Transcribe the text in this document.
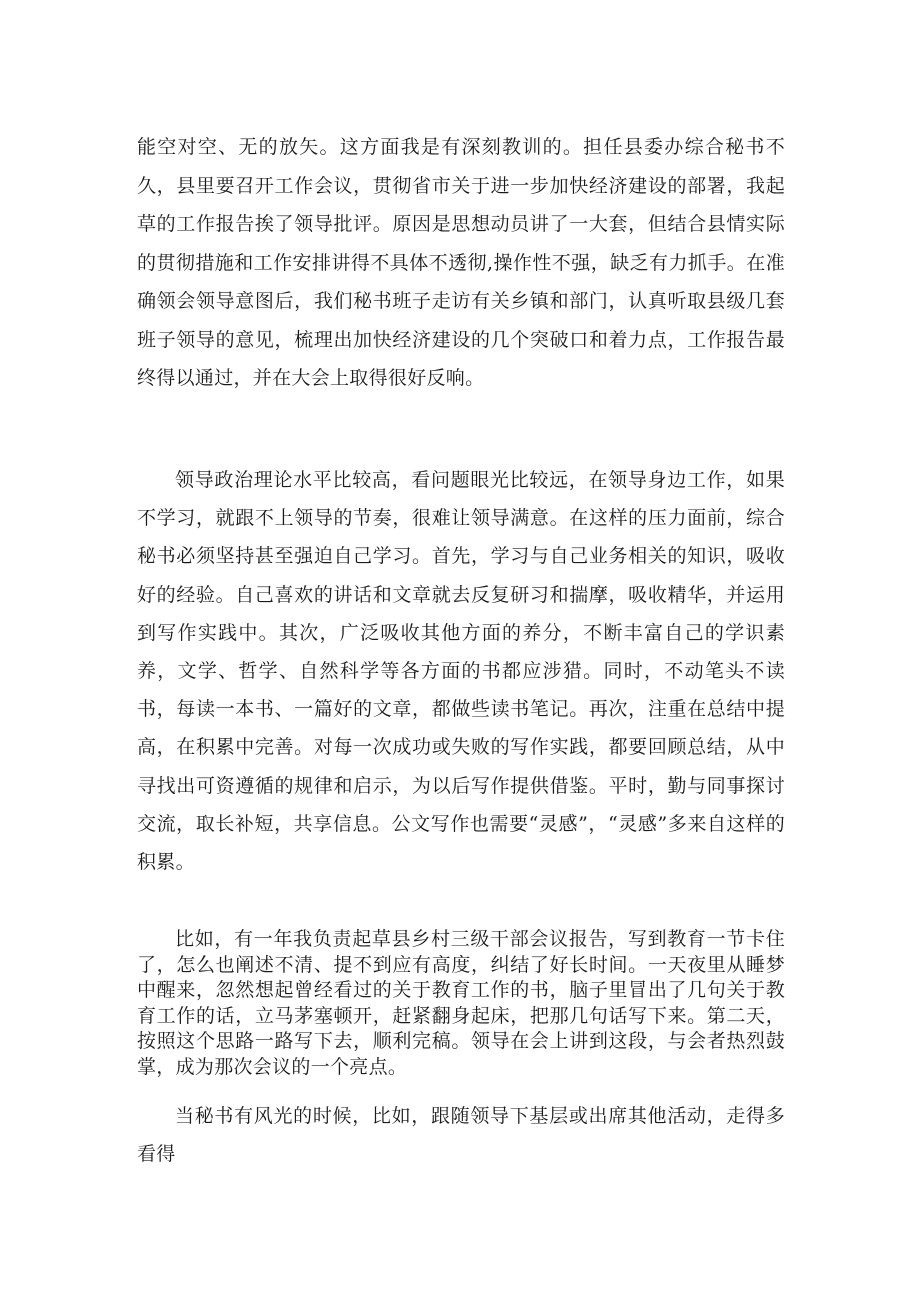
能空对空、无的放矢。这方面我是有深刻教训的。担任县委办综合秘书不久，县里要召开工作会议，贯彻省市关于进一步加快经济建设的部署，我起草的工作报告挨了领导批评。原因是思想动员讲了一大套，但结合县情实际的贯彻措施和工作安排讲得不具体不透彻,操作性不强，缺乏有力抓手。在准确领会领导意图后，我们秘书班子走访有关乡镇和部门，认真听取县级几套班子领导的意见，梳理出加快经济建设的几个突破口和着力点，工作报告最终得以通过，并在大会上取得很好反响。

领导政治理论水平比较高，看问题眼光比较远，在领导身边工作，如果不学习，就跟不上领导的节奏，很难让领导满意。在这样的压力面前，综合秘书必须坚持甚至强迫自己学习。首先，学习与自己业务相关的知识，吸收好的经验。自己喜欢的讲话和文章就去反复研习和揣摩，吸收精华，并运用到写作实践中。其次，广泛吸收其他方面的养分，不断丰富自己的学识素养，文学、哲学、自然科学等各方面的书都应涉猎。同时，不动笔头不读书，每读一本书、一篇好的文章，都做些读书笔记。再次，注重在总结中提高，在积累中完善。对每一次成功或失败的写作实践，都要回顾总结，从中寻找出可资遵循的规律和启示，为以后写作提供借鉴。平时，勤与同事探讨交流，取长补短，共享信息。公文写作也需要“灵感”，“灵感”多来自这样的积累。

比如，有一年我负责起草县乡村三级干部会议报告，写到教育一节卡住了，怎么也阐述不清、提不到应有高度，纠结了好长时间。一天夜里从睡梦中醒来，忽然想起曾经看过的关于教育工作的书，脑子里冒出了几句关于教育工作的话，立马茅塞顿开，赶紧翻身起床，把那几句话写下来。第二天，按照这个思路一路写下去，顺利完稿。领导在会上讲到这段，与会者热烈鼓掌，成为那次会议的一个亮点。

当秘书有风光的时候，比如，跟随领导下基层或出席其他活动，走得多看得
